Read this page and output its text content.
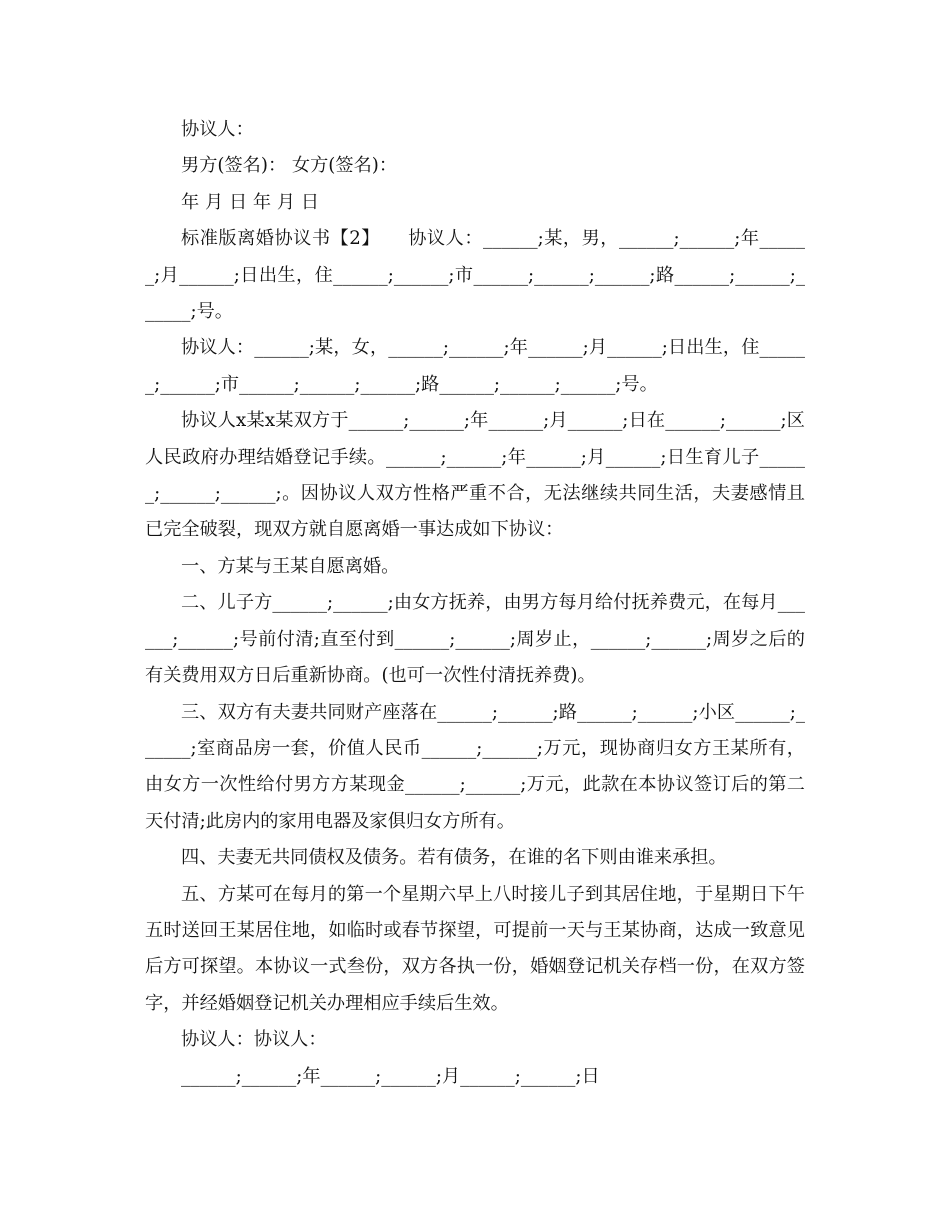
协议人：

男方(签名)： 女方(签名)：

年 月 日 年 月 日

标准版离婚协议书【2】　　协议人：______;某，男，______;______;年______;月______;日出生，住______;______;市______;______;______;路______;______;______;号。

协议人：______;某，女，______;______;年______;月______;日出生，住______;______;市______;______;______;路______;______;______;号。

协议人x某x某双方于______;______;年______;月______;日在______;______;区人民政府办理结婚登记手续。______;______;年______;月______;日生育儿子______;______;______;。因协议人双方性格严重不合，无法继续共同生活，夫妻感情且已完全破裂，现双方就自愿离婚一事达成如下协议：

一、方某与王某自愿离婚。

二、儿子方______;______;由女方抚养，由男方每月给付抚养费元，在每月______;______;号前付清;直至付到______;______;周岁止，______;______;周岁之后的有关费用双方日后重新协商。(也可一次性付清抚养费)。

三、双方有夫妻共同财产座落在______;______;路______;______;小区______;______;室商品房一套，价值人民币______;______;万元，现协商归女方王某所有，由女方一次性给付男方方某现金______;______;万元，此款在本协议签订后的第二天付清;此房内的家用电器及家俱归女方所有。

四、夫妻无共同债权及债务。若有债务，在谁的名下则由谁来承担。

五、方某可在每月的第一个星期六早上八时接儿子到其居住地，于星期日下午五时送回王某居住地，如临时或春节探望，可提前一天与王某协商，达成一致意见后方可探望。本协议一式叁份，双方各执一份，婚姻登记机关存档一份，在双方签字，并经婚姻登记机关办理相应手续后生效。

协议人：协议人：

______;______;年______;______;月______;______;日
